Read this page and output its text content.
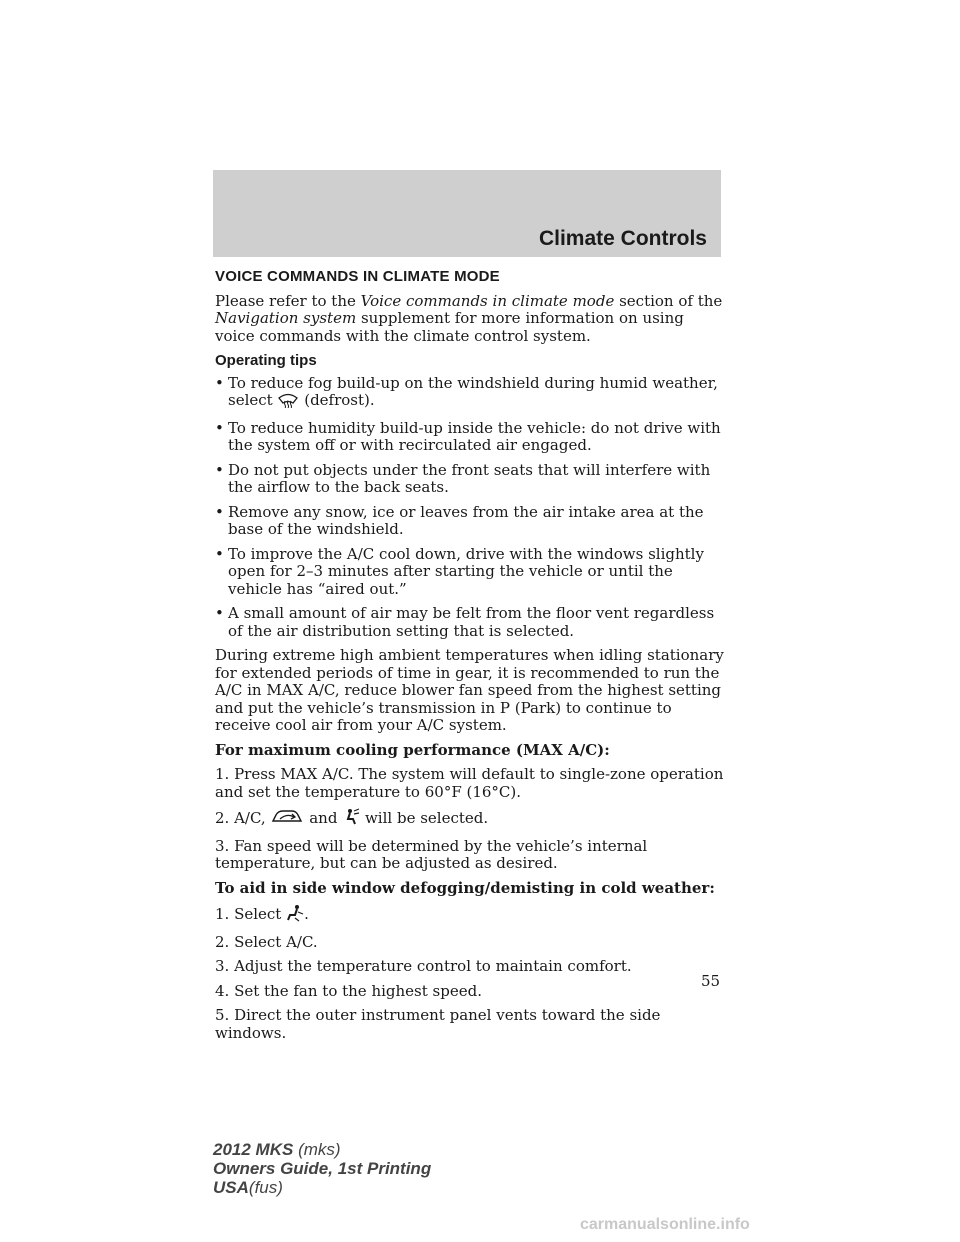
Climate Controls
VOICE COMMANDS IN CLIMATE MODE

Please refer to the Voice commands in climate mode section of the Navigation system supplement for more information on using voice commands with the climate control system.

Operating tips
• To reduce fog build-up on the windshield during humid weather, select  (defrost).
• To reduce humidity build-up inside the vehicle: do not drive with the system off or with recirculated air engaged.
• Do not put objects under the front seats that will interfere with the airflow to the back seats.
• Remove any snow, ice or leaves from the air intake area at the base of the windshield.
• To improve the A/C cool down, drive with the windows slightly open for 2–3 minutes after starting the vehicle or until the vehicle has “aired out.”
• A small amount of air may be felt from the floor vent regardless of the air distribution setting that is selected.

During extreme high ambient temperatures when idling stationary for extended periods of time in gear, it is recommended to run the A/C in MAX A/C, reduce blower fan speed from the highest setting and put the vehicle’s transmission in P (Park) to continue to receive cool air from your A/C system.

For maximum cooling performance (MAX A/C):

1. Press MAX A/C. The system will default to single-zone operation and set the temperature to 60°F (16°C).

2. A/C,  and  will be selected.

3. Fan speed will be determined by the vehicle’s internal temperature, but can be adjusted as desired.

To aid in side window defogging/demisting in cold weather:

1. Select .

2. Select A/C.

3. Adjust the temperature control to maintain comfort.

4. Set the fan to the highest speed.

5. Direct the outer instrument panel vents toward the side windows.

55
2012 MKS (mks)
Owners Guide, 1st Printing
USA(fus)
carmanualsonline.info
